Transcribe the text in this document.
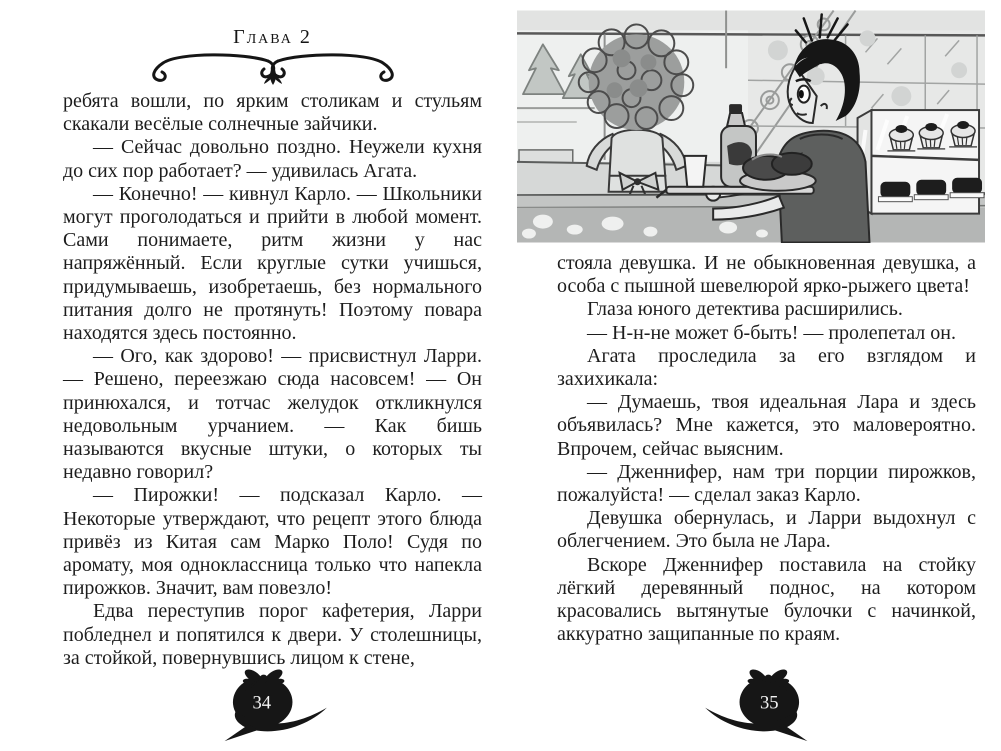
Глава 2

ребята вошли, по ярким столикам и стульям скакали весёлые солнечные зайчики.

— Сейчас довольно поздно. Неужели кухня до сих пор работает? — удивилась Агата.

— Конечно! — кивнул Карло. — Школьники могут проголодаться и прийти в любой момент. Сами понимаете, ритм жизни у нас напряжённый. Если круглые сутки учишься, придумываешь, изобретаешь, без нормального питания долго не протянуть! Поэтому повара находятся здесь постоянно.

— Ого, как здорово! — присвистнул Ларри. — Решено, переезжаю сюда насовсем! — Он принюхался, и тотчас желудок откликнулся недовольным урчанием. — Как бишь называются вкусные штуки, о которых ты недавно говорил?

— Пирожки! — подсказал Карло. — Некоторые утверждают, что рецепт этого блюда привёз из Китая сам Марко Поло! Судя по аромату, моя одноклассница только что напекла пирожков. Значит, вам повезло!

Едва переступив порог кафетерия, Ларри побледнел и попятился к двери. У столешницы, за стойкой, повернувшись лицом к стене,

34

стояла девушка. И не обыкновенная девушка, а особа с пышной шевелюрой ярко-рыжего цвета!

Глаза юного детектива расширились.

— Н-н-не может б-быть! — пролепетал он.

Агата проследила за его взглядом и захихикала:

— Думаешь, твоя идеальная Лара и здесь объявилась? Мне кажется, это маловероятно. Впрочем, сейчас выясним.

— Дженнифер, нам три порции пирожков, пожалуйста! — сделал заказ Карло.

Девушка обернулась, и Ларри выдохнул с облегчением. Это была не Лара.

Вскоре Дженнифер поставила на стойку лёгкий деревянный поднос, на котором красовались вытянутые булочки с начинкой, аккуратно защипанные по краям.

35
